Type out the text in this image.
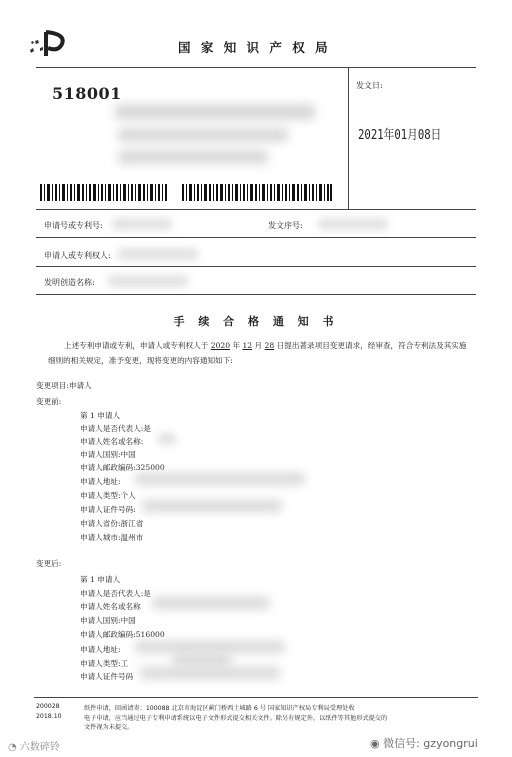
国 家 知 识 产 权 局
518001	发文日:
2021年01月08日
申请号或专利号:	发文序号:
申请人或专利权人:
发明创造名称:
手 续 合 格 通 知 书
上述专利申请或专利，申请人或专利权人于 2020 年 12 月 28 日提出著录项目变更请求，经审查，符合专利法及其实施细则的相关规定，准予变更，现将变更的内容通知如下:
变更项目:申请人
变更前:
第 1 申请人
申请人是否代表人:是
申请人姓名或名称:
申请人国别:中国
申请人邮政编码:325000
申请人地址:
申请人类型:个人
申请人证件号码:
申请人省份:浙江省
申请人城市:温州市
变更后:
第 1 申请人
申请人是否代表人:是
申请人姓名或名称
申请人国别:中国
申请人邮政编码:516000
申请人地址:
申请人类型:工
申请人证件号码
200028
2018.10
纸件申请，回函请寄：100088 北京市海淀区蓟门桥西土城路 6 号 国家知识产权局专利局受理处收
电子申请，应当通过电子专利申请系统以电子文件形式提交相关文件。除另有规定外，以纸件等其他形式提交的
文件视为未提交。
◔ 六数碎铃	◉ 微信号: gzyongrui
